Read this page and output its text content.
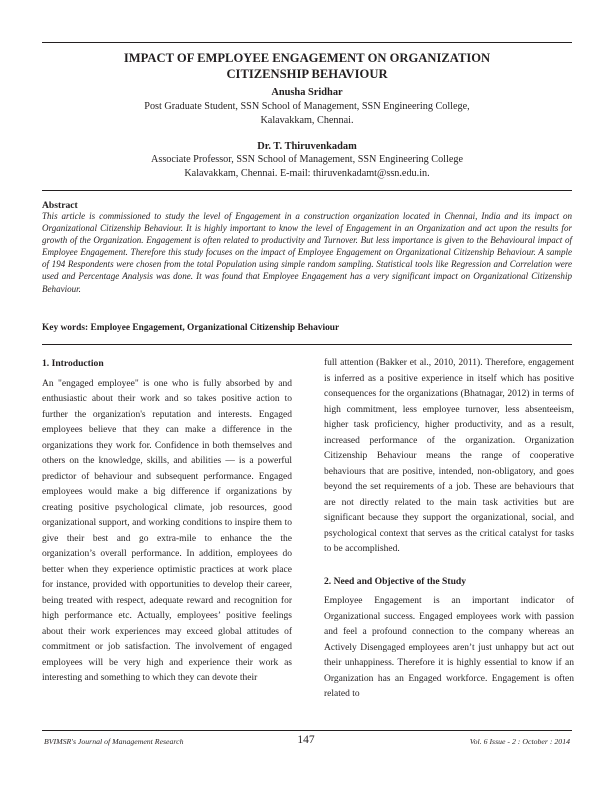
IMPACT OF EMPLOYEE ENGAGEMENT ON ORGANIZATION
CITIZENSHIP BEHAVIOUR
Anusha Sridhar
Post Graduate Student, SSN School of Management, SSN Engineering College,
Kalavakkam, Chennai.
Dr. T. Thiruvenkadam
Associate Professor, SSN School of Management, SSN Engineering College
Kalavakkam, Chennai. E-mail: thiruvenkadamt@ssn.edu.in.
Abstract

This article is commissioned to study the level of Engagement in a construction organization located in Chennai, India and its impact on Organizational Citizenship Behaviour. It is highly important to know the level of Engagement in an Organization and act upon the results for growth of the Organization. Engagement is often related to productivity and Turnover. But less importance is given to the Behavioural impact of Employee Engagement. Therefore this study focuses on the impact of Employee Engagement on Organizational Citizenship Behaviour. A sample of 194 Respondents were chosen from the total Population using simple random sampling. Statistical tools like Regression and Correlation were used and Percentage Analysis was done. It was found that Employee Engagement has a very significant impact on Organizational Citizenship Behaviour.

Key words: Employee Engagement, Organizational Citizenship Behaviour

1. Introduction

An "engaged employee" is one who is fully absorbed by and enthusiastic about their work and so takes positive action to further the organization's reputation and interests. Engaged employees believe that they can make a difference in the organizations they work for. Confidence in both themselves and others on the knowledge, skills, and abilities — is a powerful predictor of behaviour and subsequent performance. Engaged employees would make a big difference if organizations by creating positive psychological climate, job resources, good organizational support, and working conditions to inspire them to give their best and go extra-mile to enhance the the organization’s overall performance. In addition, employees do better when they experience optimistic practices at work place for instance, provided with opportunities to develop their career, being treated with respect, adequate reward and recognition for high performance etc. Actually, employees’ positive feelings about their work experiences may exceed global attitudes of commitment or job satisfaction. The involvement of engaged employees will be very high and experience their work as interesting and something to which they can devote their

full attention (Bakker et al., 2010, 2011). Therefore, engagement is inferred as a positive experience in itself which has positive consequences for the organizations (Bhatnagar, 2012) in terms of high commitment, less employee turnover, less absenteeism, higher task proficiency, higher productivity, and as a result, increased performance of the organization. Organization Citizenship Behaviour means the range of cooperative behaviours that are positive, intended, non-obligatory, and goes beyond the set requirements of a job. These are behaviours that are not directly related to the main task activities but are significant because they support the organizational, social, and psychological context that serves as the critical catalyst for tasks to be accomplished.

2. Need and Objective of the Study

Employee Engagement is an important indicator of Organizational success. Engaged employees work with passion and feel a profound connection to the company whereas an Actively Disengaged employees aren’t just unhappy but act out their unhappiness. Therefore it is highly essential to know if an Organization has an Engaged workforce. Engagement is often related to

BVIMSR's Journal of Management Research	147	Vol. 6 Issue - 2 : October : 2014
